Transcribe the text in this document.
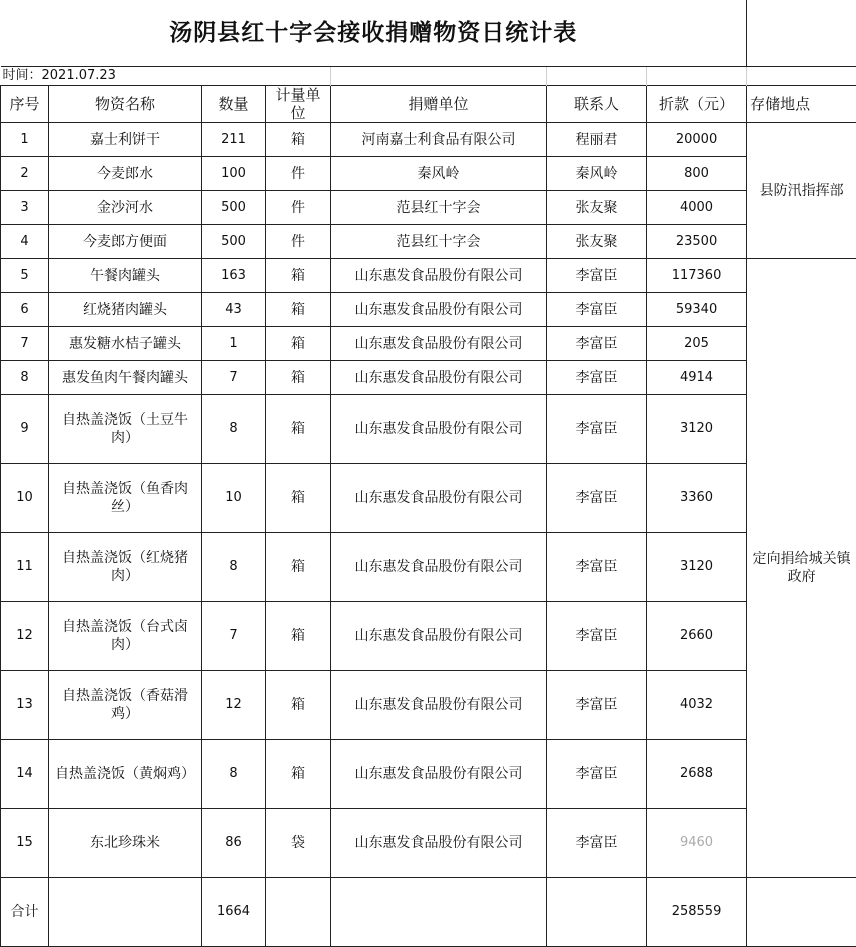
汤阴县红十字会接收捐赠物资日统计表							
时间：2021.07.23							
序号	物资名称	数量	计量单位	捐赠单位	联系人	折款（元）	存储地点
1	嘉士利饼干	211	箱	河南嘉士利食品有限公司	程丽君	20000	县防汛指挥部
2	今麦郎水	100	件	秦风岭	秦风岭	800	
3	金沙河水	500	件	范县红十字会	张友聚	4000	
4	今麦郎方便面	500	件	范县红十字会	张友聚	23500	
5	午餐肉罐头	163	箱	山东惠发食品股份有限公司	李富臣	117360	定向捐给城关镇政府
6	红烧猪肉罐头	43	箱	山东惠发食品股份有限公司	李富臣	59340	
7	惠发糖水桔子罐头	1	箱	山东惠发食品股份有限公司	李富臣	205	
8	惠发鱼肉午餐肉罐头	7	箱	山东惠发食品股份有限公司	李富臣	4914	
9	自热盖浇饭（土豆牛肉）	8	箱	山东惠发食品股份有限公司	李富臣	3120	
10	自热盖浇饭（鱼香肉丝）	10	箱	山东惠发食品股份有限公司	李富臣	3360	
11	自热盖浇饭（红烧猪肉）	8	箱	山东惠发食品股份有限公司	李富臣	3120	
12	自热盖浇饭（台式卤肉）	7	箱	山东惠发食品股份有限公司	李富臣	2660	
13	自热盖浇饭（香菇滑鸡）	12	箱	山东惠发食品股份有限公司	李富臣	4032	
14	自热盖浇饭（黄焖鸡）	8	箱	山东惠发食品股份有限公司	李富臣	2688	
15	东北珍珠米	86	袋	山东惠发食品股份有限公司	李富臣	9460	
合计		1664				258559	
